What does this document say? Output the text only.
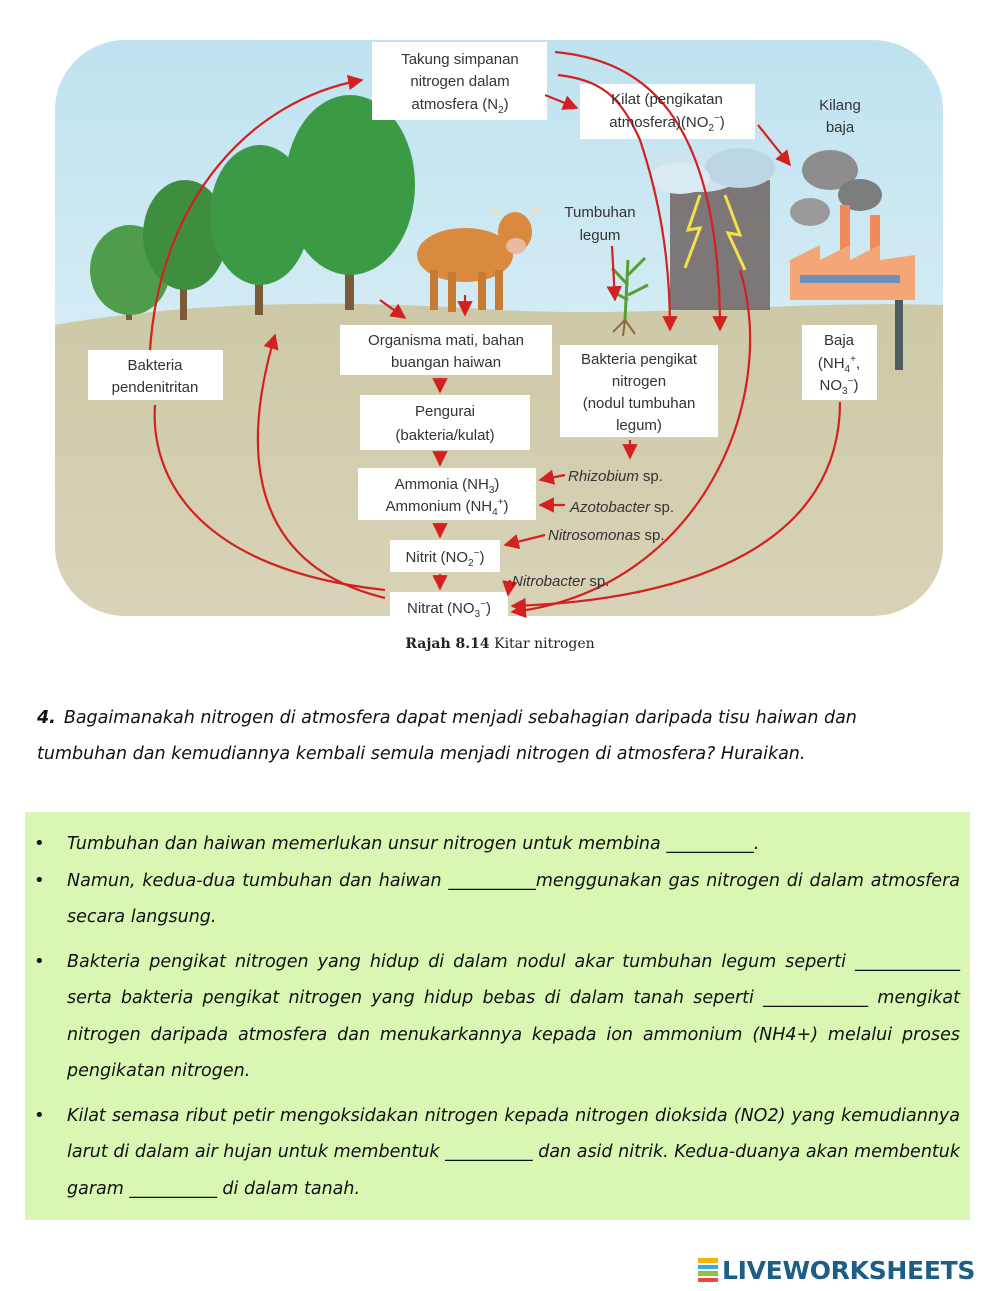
Takung simpanan
nitrogen dalam
atmosfera $(N_2)$	Kilat (pengikatan
$atmosfera)(NO_2^-)$
Kilang
baja
Tumbuhan
legum
Bakteria
pendenitritan
Organisma mati, bahan
buangan haiwan
Pengurai
(bakteria/kulat)
Bakteria pengikat
nitrogen
(nodul tumbuhan
legum)
Baja
($NH_4^+$,
$NO_3^-$)
Ammonia $(NH_3)$
Ammonium $(NH_4^+)$
Nitrit $(NO_2^-)$
Nitrat $(NO_3^-)$
Rhizobium sp.
Azotobacter sp.
Nitrosomonas sp.
Nitrobacter sp.
Rajah 8.14 Kitar nitrogen
4. Bagaimanakah nitrogen di atmosfera dapat menjadi sebahagian daripada tisu haiwan dan tumbuhan dan kemudiannya kembali semula menjadi nitrogen di atmosfera? Huraikan.
• Tumbuhan dan haiwan memerlukan unsur nitrogen untuk membina __________.
• Namun, kedua-dua tumbuhan dan haiwan __________menggunakan gas nitrogen di dalam atmosfera secara langsung.
• Bakteria pengikat nitrogen yang hidup di dalam nodul akar tumbuhan legum seperti ____________ serta bakteria pengikat nitrogen yang hidup bebas di dalam tanah seperti ____________ mengikat nitrogen daripada atmosfera dan menukarkannya kepada ion ammonium (NH4+) melalui proses pengikatan nitrogen.
• Kilat semasa ribut petir mengoksidakan nitrogen kepada nitrogen dioksida (NO2) yang kemudiannya larut di dalam air hujan untuk membentuk __________ dan asid nitrik. Kedua-duanya akan membentuk garam __________ di dalam tanah.
LIVEWORKSHEETS
